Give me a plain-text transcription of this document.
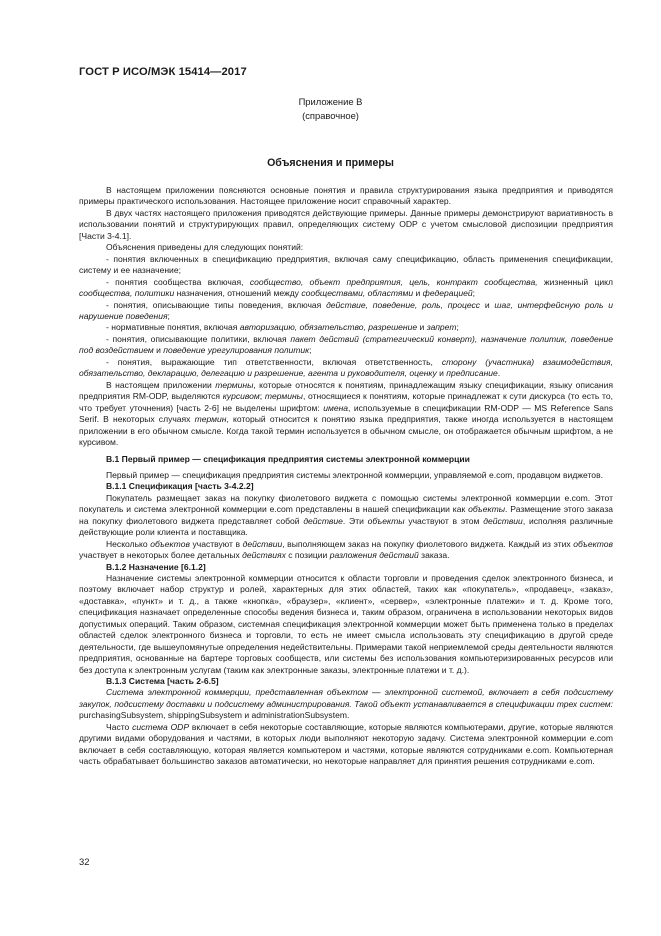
ГОСТ Р ИСО/МЭК 15414—2017
Приложение В
(справочное)
Объяснения и примеры

В настоящем приложении поясняются основные понятия и правила структурирования языка предприятия и приводятся примеры практического использования. Настоящее приложение носит справочный характер.

В двух частях настоящего приложения приводятся действующие примеры. Данные примеры демонстрируют вариативность в использовании понятий и структурирующих правил, определяющих систему ODP с учетом смысловой диспозиции предприятия [Части 3-4.1].

Объяснения приведены для следующих понятий:

- понятия включенных в спецификацию предприятия, включая саму спецификацию, область применения спецификации, систему и ее назначение;

- понятия сообщества включая, сообщество, объект предприятия, цель, контракт сообщества, жизненный цикл сообщества, политики назначения, отношений между сообществами, областями и федерацией;

- понятия, описывающие типы поведения, включая действие, поведение, роль, процесс и шаг, интерфейсную роль и нарушение поведения;

- нормативные понятия, включая авторизацию, обязательство, разрешение и запрет;

- понятия, описывающие политики, включая пакет действий (стратегический конверт), назначение политик, поведение под воздействием и поведение урегулирования политик;

- понятия, выражающие тип ответственности, включая ответственность, сторону (участника) взаимодействия, обязательство, декларацию, делегацию и разрешение, агента и руководителя, оценку и предписание.

В настоящем приложении термины, которые относятся к понятиям, принадлежащим языку спецификации, языку описания предприятия RM-ODP, выделяются курсивом; термины, относящиеся к понятиям, которые принадлежат к сути дискурса (то есть то, что требует уточнения) [часть 2-6] не выделены шрифтом: имена, используемые в спецификации RM-ODP — MS Reference Sans Serif. В некоторых случаях термин, который относится к понятию языка предприятия, также иногда используется в настоящем приложении в его обычном смысле. Когда такой термин используется в обычном смысле, он отображается обычным шрифтом, а не курсивом.

В.1 Первый пример — спецификация предприятия системы электронной коммерции

Первый пример — спецификация предприятия системы электронной коммерции, управляемой e.com, продавцом виджетов.

В.1.1 Спецификация [часть 3-4.2.2]

Покупатель размещает заказ на покупку фиолетового виджета с помощью системы электронной коммерции e.com. Этот покупатель и система электронной коммерции e.com представлены в нашей спецификации как объекты. Размещение этого заказа на покупку фиолетового виджета представляет собой действие. Эти объекты участвуют в этом действии, исполняя различные действующие роли клиента и поставщика.

Несколько объектов участвуют в действии, выполняющем заказ на покупку фиолетового виджета. Каждый из этих объектов участвует в некоторых более детальных действиях с позиции разложения действий заказа.

В.1.2 Назначение [6.1.2]

Назначение системы электронной коммерции относится к области торговли и проведения сделок электронного бизнеса, и поэтому включает набор структур и ролей, характерных для этих областей, таких как «покупатель», «продавец», «заказ», «доставка», «пункт» и т. д., а также «кнопка», «браузер», «клиент», «сервер», «электронные платежи» и т. д. Кроме того, спецификация назначает определенные способы ведения бизнеса и, таким образом, ограничена в использовании некоторых видов допустимых операций. Таким образом, системная спецификация электронной коммерции может быть применена только в пределах областей сделок электронного бизнеса и торговли, то есть не имеет смысла использовать эту спецификацию в другой среде деятельности, где вышеупомянутые определения недействительны. Примерами такой неприемлемой среды деятельности являются предприятия, основанные на бартере торговых сообществ, или системы без использования компьютеризированных ресурсов или без доступа к электронным услугам (таким как электронные заказы, электронные платежи и т. д.).

В.1.3 Система [часть 2-6.5]

Система электронной коммерции, представленная объектом — электронной системой, включает в себя подсистему закупок, подсистему доставки и подсистему администрирования. Такой объект устанавливается в спецификации трех систем: purchasingSubsystem, shippingSubsystem и administrationSubsystem.

Часто система ODP включает в себя некоторые составляющие, которые являются компьютерами, другие, которые являются другими видами оборудования и частями, в которых люди выполняют некоторую задачу. Система электронной коммерции e.com включает в себя составляющую, которая является компьютером и частями, которые являются сотрудниками e.com. Компьютерная часть обрабатывает большинство заказов автоматически, но некоторые направляет для принятия решения сотрудниками e.com.

32
